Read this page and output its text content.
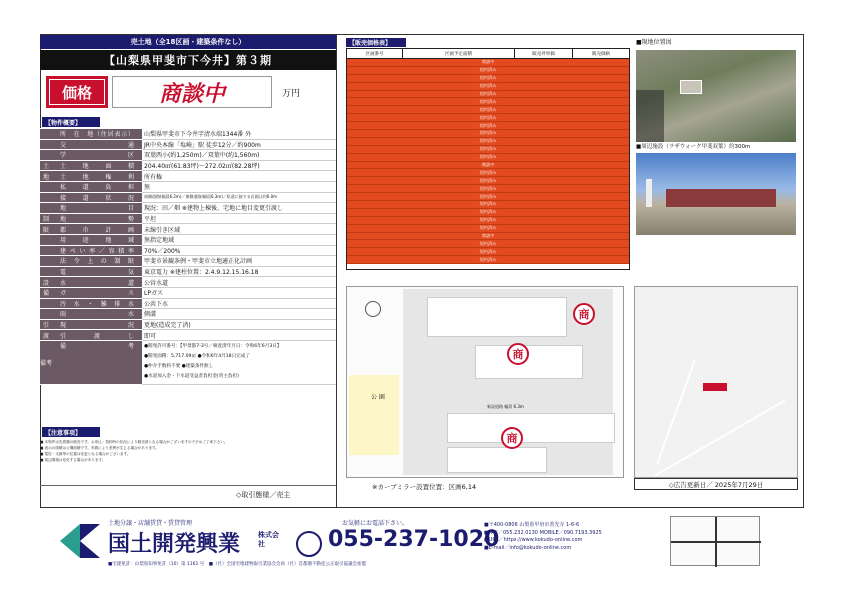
売土地（全18区画・建築条件なし）
【山梨県甲斐市下今井】第３期
価格	商談中	万円
【物件概要】
	所　在　地（住居表示）	山梨県甲斐市下今井字清水端1344番 外
	交　　　通	JR中央本線「塩崎」駅 徒歩12分／約900m
	学　　　区	双葉西小(約1,250m)／双葉中(約1,560m)
土	土 地 面 積	204.40㎡(61.83坪)～272.02㎡(82.28坪)
地	土 地 権 利	所有権
	私 道 負 担	無
	接 道 状 況	南側道路(幅員6.2m)／東側道路(幅員6.3m)／私道に接する区画は約6.0m
	地　　　目	現況：田／畑 ※建物上棟後、宅地に地目変更引渡し
制	地　　　勢	平坦
限	都 市 計 画	未線引き区域
	用 途 地 域	無指定地域
	建ぺい率／容積率	70%／200%
	法令上の制限	甲斐市景観条例・甲斐市立地適正化計画
	電　　　気	東京電力 ※建柱位置：2.4.9.12.15.16.18
設	水　　　道	公営水道
備	ガ　　　ス	LPガス
	汚水・雑排水	公共下水
	雨　　　水	側溝
引	現　　　況	更地(造成完了済)
渡	引　渡　し	即可
備考	備　　　考	●開発許可番号：【甲景都7-3号／検査済年月日：令和6年6月3日】
●開発面積：5,717.09㎡ ●令和6年4月18日完成了
●仲介手数料不要 ●建築条件無し
●水道加入金・下水道受益者負担金(買主負担)
【注意事項】
■ 本物件は先着順の販売です。お申込・契約時の状況により販売済となる場合がございますので予めご了承下さい。
■ 表示の面積は公簿面積です。実測により差異が生じる場合があります。
■ 電柱・支線等の位置は変更となる場合がございます。
■ 周辺環境は変化する場合があります。
◇取引態様／売主
【販売価格表】
区画番号	区画予定面積	販売坪単価	販売価格
商談中
契約済み
契約済み
契約済み
契約済み
契約済み
契約済み
契約済み
契約済み
契約済み
契約済み
契約済み
契約済み
商談中
契約済み
契約済み
契約済み
契約済み
契約済み
契約済み
契約済み
契約済み
商談中
契約済み
契約済み
契約済み
■現地位置図
■周辺施設（ラザウォーク甲斐双葉）約300m
公 園
新設道路 幅員 6.3m
商
商
商
※カーブミラー設置位置：区画6,14	◇広告更新日／ 2025年7月29日
土地分譲・店舗賃貸・賃貸管理
国土開発興業	株式会社
お気軽にお電話下さい。
055-237-1020
■〒400-0806 山梨県甲府市善光寺 1-6-6
■FAX／055.232.0130 MOBILE／090.7193.3925
■URL／https://www.kokudo-online.com
■E-mail／info@kokudo-online.com
■宅建免許：山梨県知事免許（10）第 1161 号　■（社）全国宅地建物取引業協会会員（社）首都圏不動産公正取引協議会加盟
